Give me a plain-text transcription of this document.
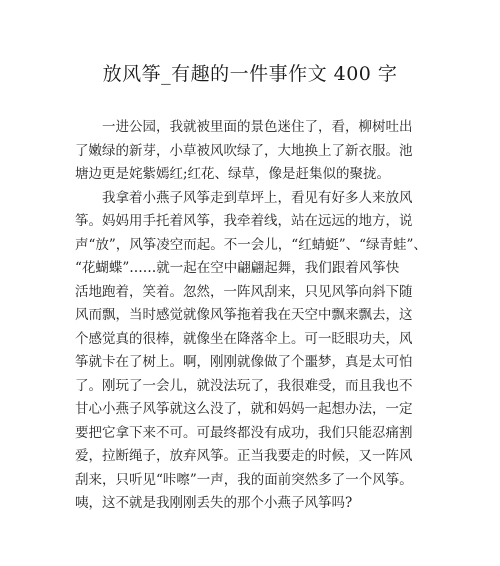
放风筝_有趣的一件事作文 400 字
一进公园，我就被里面的景色迷住了，看，柳树吐出
了嫩绿的新芽，小草被风吹绿了，大地换上了新衣服。池
塘边更是姹紫嫣红;红花、绿草，像是赶集似的聚拢。
我拿着小燕子风筝走到草坪上，看见有好多人来放风
筝。妈妈用手托着风筝，我牵着线，站在远远的地方，说
声“放”，风筝凌空而起。不一会儿，“红蜻蜓”、“绿青蛙”、
“花蝴蝶”……就一起在空中翩翩起舞，我们跟着风筝快
活地跑着，笑着。忽然，一阵风刮来，只见风筝向斜下随
风而飘，当时感觉就像风筝拖着我在天空中飘来飘去，这
个感觉真的很棒，就像坐在降落伞上。可一眨眼功夫，风
筝就卡在了树上。啊，刚刚就像做了个噩梦，真是太可怕
了。刚玩了一会儿，就没法玩了，我很难受，而且我也不
甘心小燕子风筝就这么没了，就和妈妈一起想办法，一定
要把它拿下来不可。可最终都没有成功，我们只能忍痛割
爱，拉断绳子，放弃风筝。正当我要走的时候，又一阵风
刮来，只听见“咔嚓”一声，我的面前突然多了一个风筝。
咦，这不就是我刚刚丢失的那个小燕子风筝吗?
